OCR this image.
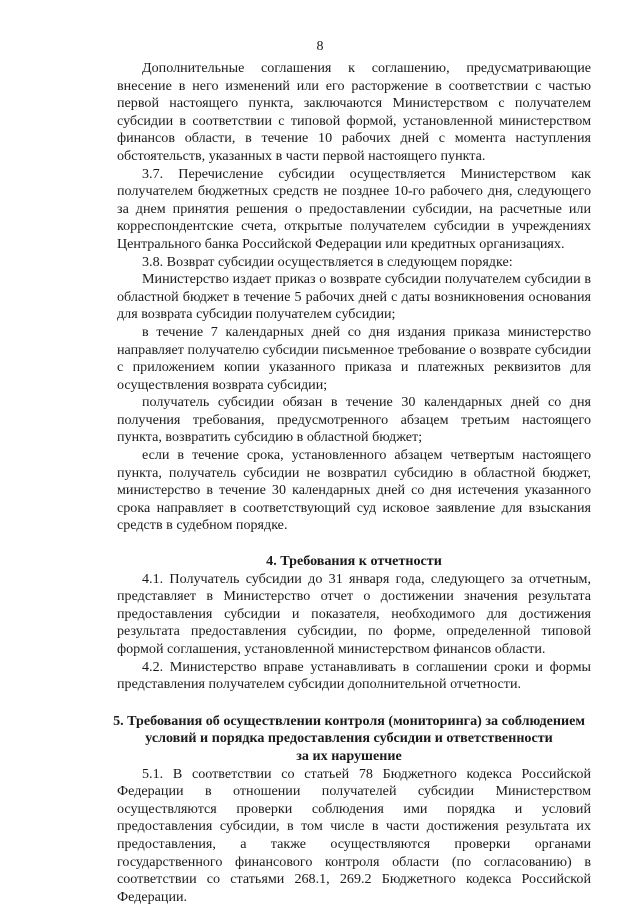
8

Дополнительные соглашения к соглашению, предусматривающие внесение в него изменений или его расторжение в соответствии с частью первой настоящего пункта, заключаются Министерством с получателем субсидии в соответствии с типовой формой, установленной министерством финансов области, в течение 10 рабочих дней с момента наступления обстоятельств, указанных в части первой настоящего пункта.

3.7. Перечисление субсидии осуществляется Министерством как получателем бюджетных средств не позднее 10-го рабочего дня, следующего за днем принятия решения о предоставлении субсидии, на расчетные или корреспондентские счета, открытые получателем субсидии в учреждениях Центрального банка Российской Федерации или кредитных организациях.

3.8. Возврат субсидии осуществляется в следующем порядке:

Министерство издает приказ о возврате субсидии получателем субсидии в областной бюджет в течение 5 рабочих дней с даты возникновения основания для возврата субсидии получателем субсидии;

в течение 7 календарных дней со дня издания приказа министерство направляет получателю субсидии письменное требование о возврате субсидии с приложением копии указанного приказа и платежных реквизитов для осуществления возврата субсидии;

получатель субсидии обязан в течение 30 календарных дней со дня получения требования, предусмотренного абзацем третьим настоящего пункта, возвратить субсидию в областной бюджет;

если в течение срока, установленного абзацем четвертым настоящего пункта, получатель субсидии не возвратил субсидию в областной бюджет, министерство в течение 30 календарных дней со дня истечения указанного срока направляет в соответствующий суд исковое заявление для взыскания средств в судебном порядке.

4. Требования к отчетности

4.1. Получатель субсидии до 31 января года, следующего за отчетным, представляет в Министерство отчет о достижении значения результата предоставления субсидии и показателя, необходимого для достижения результата предоставления субсидии, по форме, определенной типовой формой соглашения, установленной министерством финансов области.

4.2. Министерство вправе устанавливать в соглашении сроки и формы представления получателем субсидии дополнительной отчетности.

5. Требования об осуществлении контроля (мониторинга) за соблюдением
условий и порядка предоставления субсидии и ответственности
за их нарушение

5.1. В соответствии со статьей 78 Бюджетного кодекса Российской Федерации в отношении получателей субсидии Министерством осуществляются проверки соблюдения ими порядка и условий предоставления субсидии, в том числе в части достижения результата их предоставления, а также осуществляются проверки органами государственного финансового контроля области (по согласованию) в соответствии со статьями 268.1, 269.2 Бюджетного кодекса Российской Федерации.
